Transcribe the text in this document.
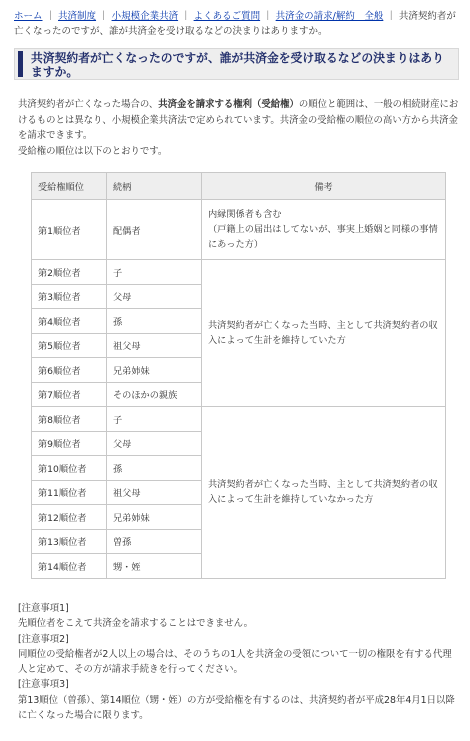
ホーム ｜ 共済制度 ｜ 小規模企業共済 ｜ よくあるご質問 ｜ 共済金の請求/解約　全般 ｜ 共済契約者が亡くなったのですが、誰が共済金を受け取るなどの決まりはありますか。
共済契約者が亡くなったのですが、誰が共済金を受け取るなどの決まりはありますか。

共済契約者が亡くなった場合の、共済金を請求する権利（受給権）の順位と範囲は、一般の相続財産におけるものとは異なり、小規模企業共済法で定められています。共済金の受給権の順位の高い方から共済金を請求できます。

受給権の順位は以下のとおりです。

受給権順位	続柄	備考
第1順位者	配偶者	内縁関係者も含む
（戸籍上の届出はしてないが、事実上婚姻と同様の事情にあった方）
第2順位者	子	共済契約者が亡くなった当時、主として共済契約者の収入によって生計を維持していた方
第3順位者	父母	
第4順位者	孫	
第5順位者	祖父母	
第6順位者	兄弟姉妹	
第7順位者	そのほかの親族	
第8順位者	子	共済契約者が亡くなった当時、主として共済契約者の収入によって生計を維持していなかった方
第9順位者	父母	
第10順位者	孫	
第11順位者	祖父母	
第12順位者	兄弟姉妹	
第13順位者	曽孫	
第14順位者	甥・姪	

[注意事項1]

先順位者をこえて共済金を請求することはできません。

[注意事項2]

同順位の受給権者が2人以上の場合は、そのうちの1人を共済金の受領について一切の権限を有する代理人と定めて、その方が請求手続きを行ってください。

[注意事項3]

第13順位（曽孫）、第14順位（甥・姪）の方が受給権を有するのは、共済契約者が平成28年4月1日以降に亡くなった場合に限ります。
